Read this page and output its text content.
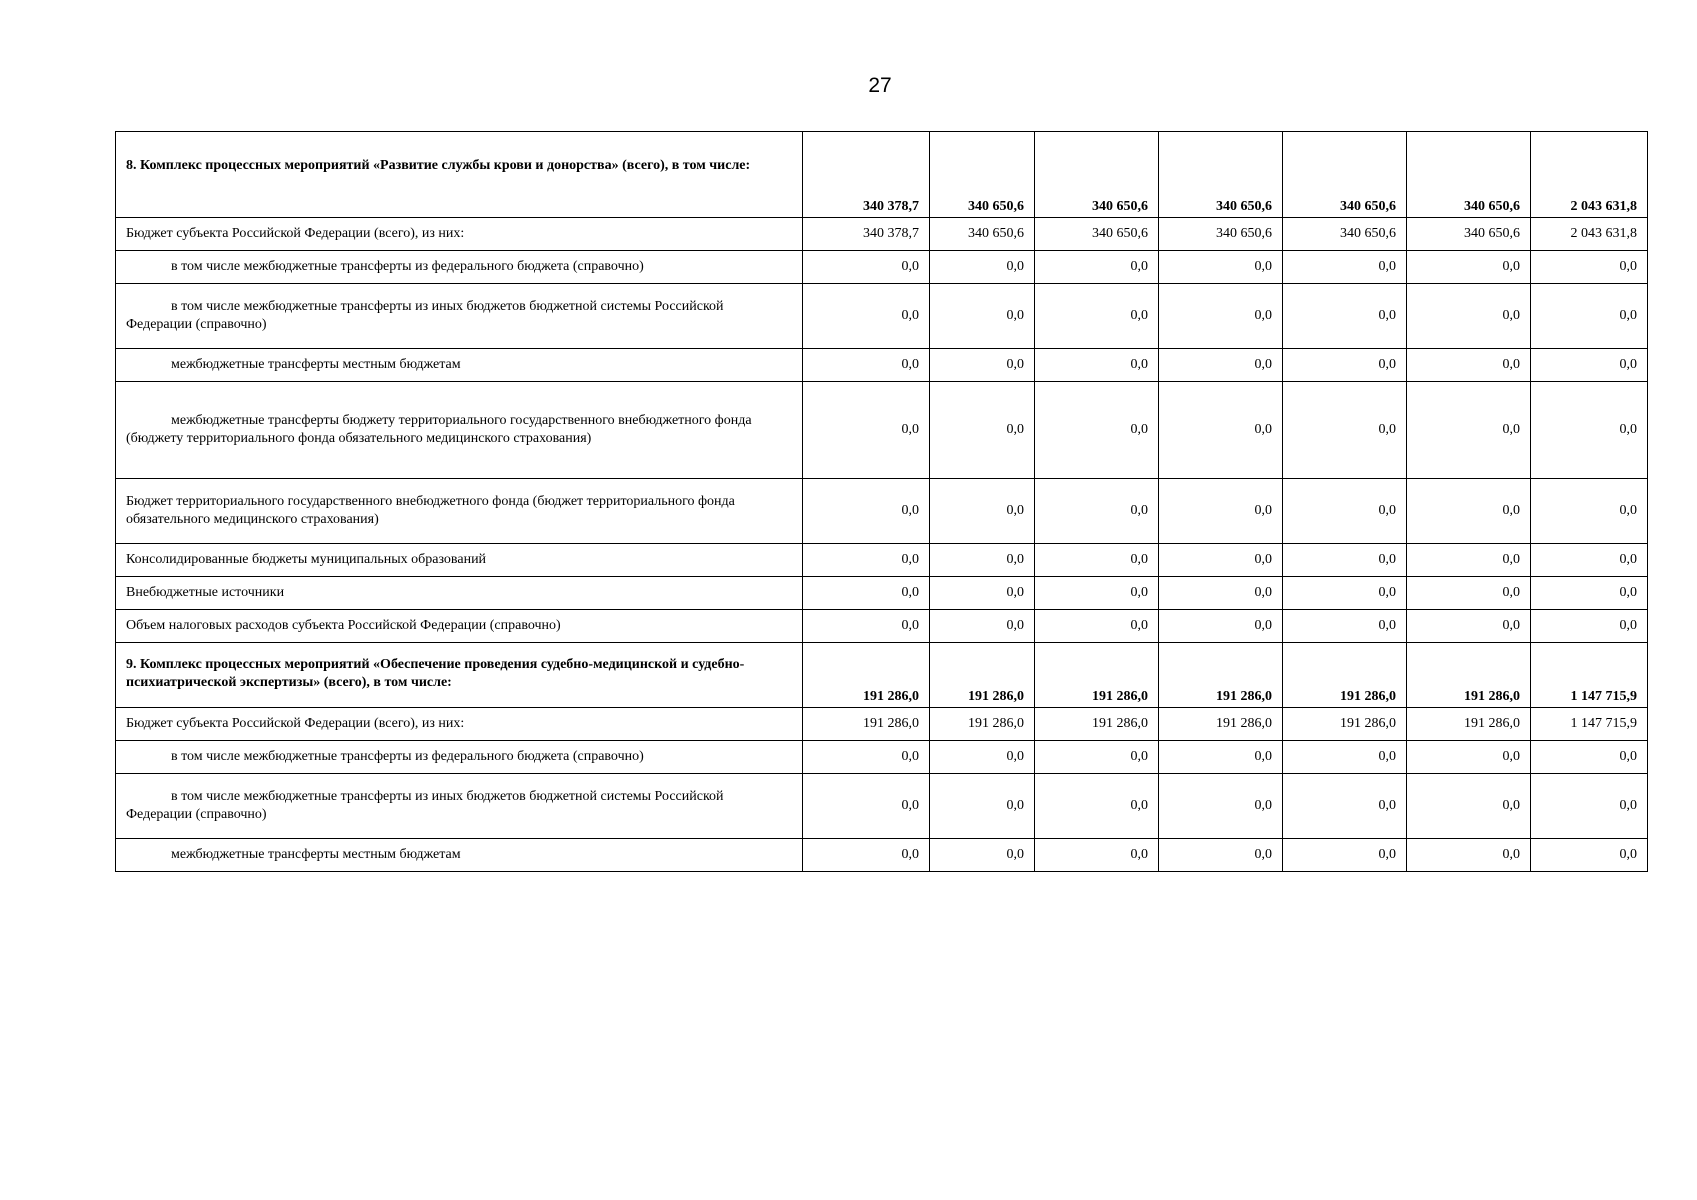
27
8. Комплекс процессных мероприятий «Развитие службы крови и донорства» (всего), в том числе:	340 378,7	340 650,6	340 650,6	340 650,6	340 650,6	340 650,6	2 043 631,8
Бюджет субъекта Российской Федерации (всего), из них:	340 378,7	340 650,6	340 650,6	340 650,6	340 650,6	340 650,6	2 043 631,8
в том числе межбюджетные трансферты из федерального бюджета (справочно)	0,0	0,0	0,0	0,0	0,0	0,0	0,0
в том числе межбюджетные трансферты из иных бюджетов бюджетной системы Российской Федерации (справочно)	0,0	0,0	0,0	0,0	0,0	0,0	0,0
межбюджетные трансферты местным бюджетам	0,0	0,0	0,0	0,0	0,0	0,0	0,0
межбюджетные трансферты бюджету территориального государственного внебюджетного фонда (бюджету территориального фонда обязательного медицинского страхования)	0,0	0,0	0,0	0,0	0,0	0,0	0,0
Бюджет территориального государственного внебюджетного фонда (бюджет территориального фонда обязательного медицинского страхования)	0,0	0,0	0,0	0,0	0,0	0,0	0,0
Консолидированные бюджеты муниципальных образований	0,0	0,0	0,0	0,0	0,0	0,0	0,0
Внебюджетные источники	0,0	0,0	0,0	0,0	0,0	0,0	0,0
Объем налоговых расходов субъекта Российской Федерации (справочно)	0,0	0,0	0,0	0,0	0,0	0,0	0,0
9. Комплекс процессных мероприятий «Обеспечение проведения судебно-медицинской и судебно-психиатрической экспертизы» (всего), в том числе:	191 286,0	191 286,0	191 286,0	191 286,0	191 286,0	191 286,0	1 147 715,9
Бюджет субъекта Российской Федерации (всего), из них:	191 286,0	191 286,0	191 286,0	191 286,0	191 286,0	191 286,0	1 147 715,9
в том числе межбюджетные трансферты из федерального бюджета (справочно)	0,0	0,0	0,0	0,0	0,0	0,0	0,0
в том числе межбюджетные трансферты из иных бюджетов бюджетной системы Российской Федерации (справочно)	0,0	0,0	0,0	0,0	0,0	0,0	0,0
межбюджетные трансферты местным бюджетам	0,0	0,0	0,0	0,0	0,0	0,0	0,0
